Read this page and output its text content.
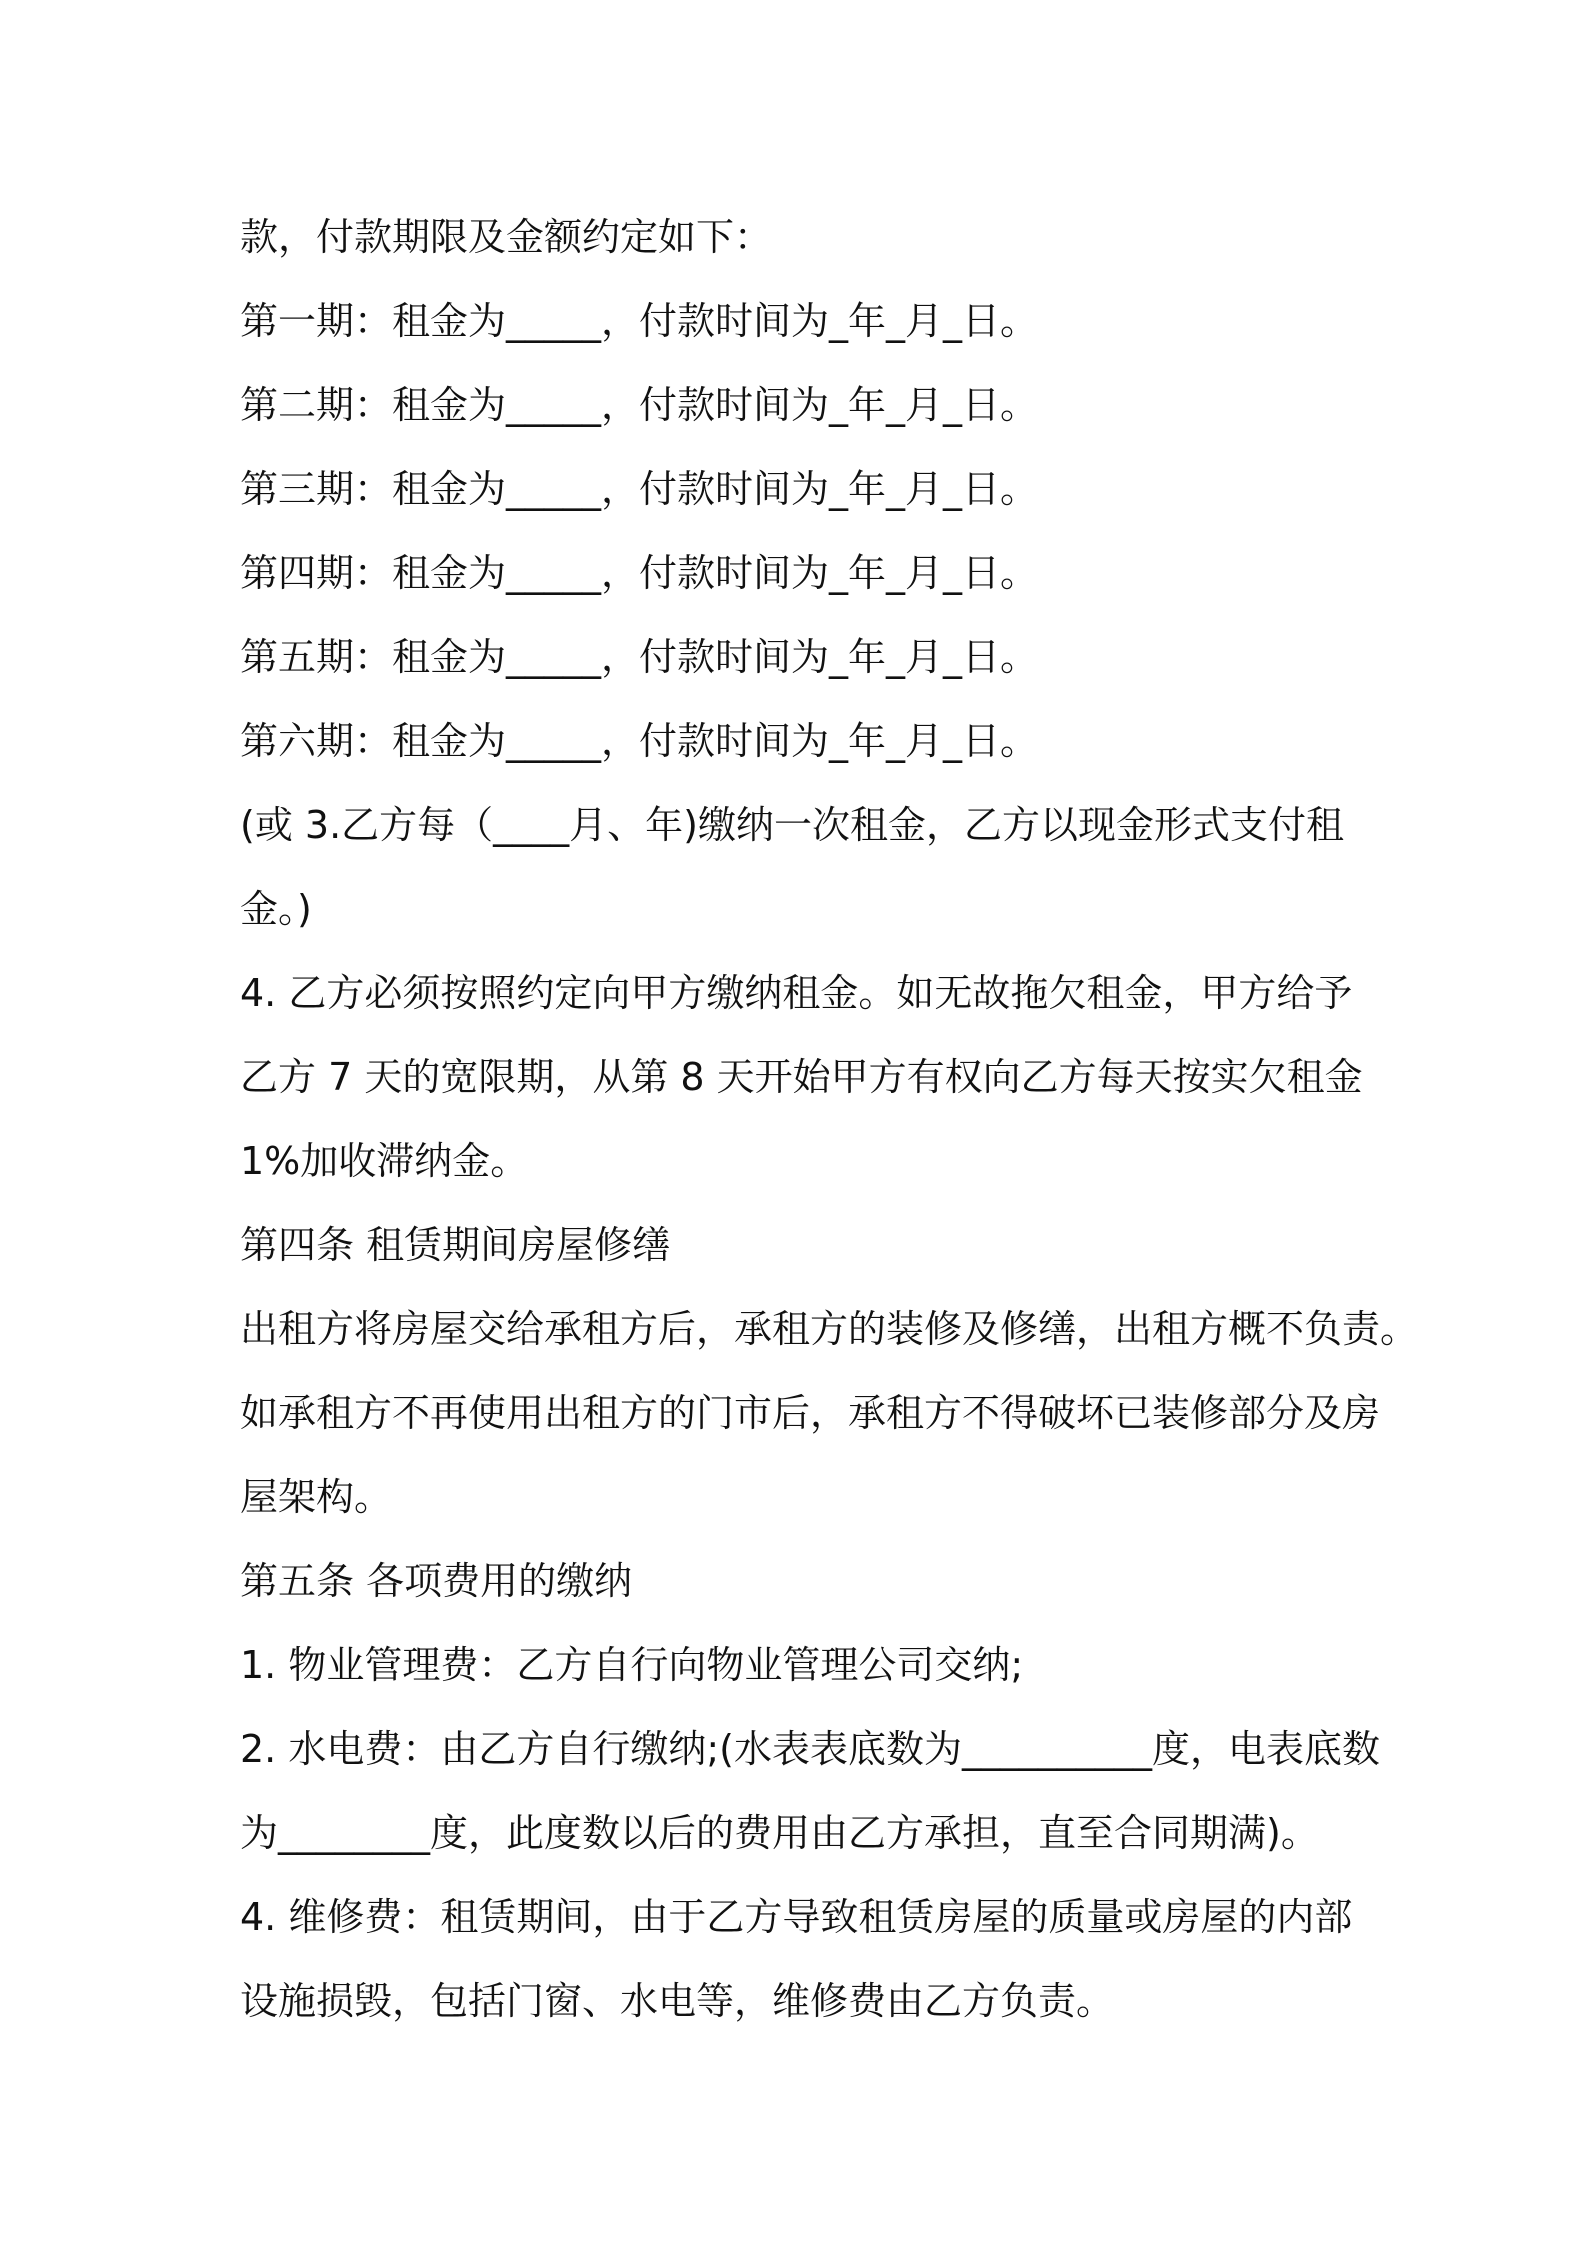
款，付款期限及金额约定如下：
第一期：租金为_____，付款时间为_年_月_日。
第二期：租金为_____，付款时间为_年_月_日。
第三期：租金为_____，付款时间为_年_月_日。
第四期：租金为_____，付款时间为_年_月_日。
第五期：租金为_____，付款时间为_年_月_日。
第六期：租金为_____，付款时间为_年_月_日。
(或 3.乙方每（____月、年)缴纳一次租金，乙方以现金形式支付租
金。)
4. 乙方必须按照约定向甲方缴纳租金。如无故拖欠租金，甲方给予
乙方 7 天的宽限期，从第 8 天开始甲方有权向乙方每天按实欠租金
1%加收滞纳金。
第四条 租赁期间房屋修缮
出租方将房屋交给承租方后，承租方的装修及修缮，出租方概不负责。
如承租方不再使用出租方的门市后，承租方不得破坏已装修部分及房
屋架构。
第五条 各项费用的缴纳
1. 物业管理费：乙方自行向物业管理公司交纳;
2. 水电费：由乙方自行缴纳;(水表表底数为__________度，电表底数
为________度，此度数以后的费用由乙方承担，直至合同期满)。
4. 维修费：租赁期间，由于乙方导致租赁房屋的质量或房屋的内部
设施损毁，包括门窗、水电等，维修费由乙方负责。
